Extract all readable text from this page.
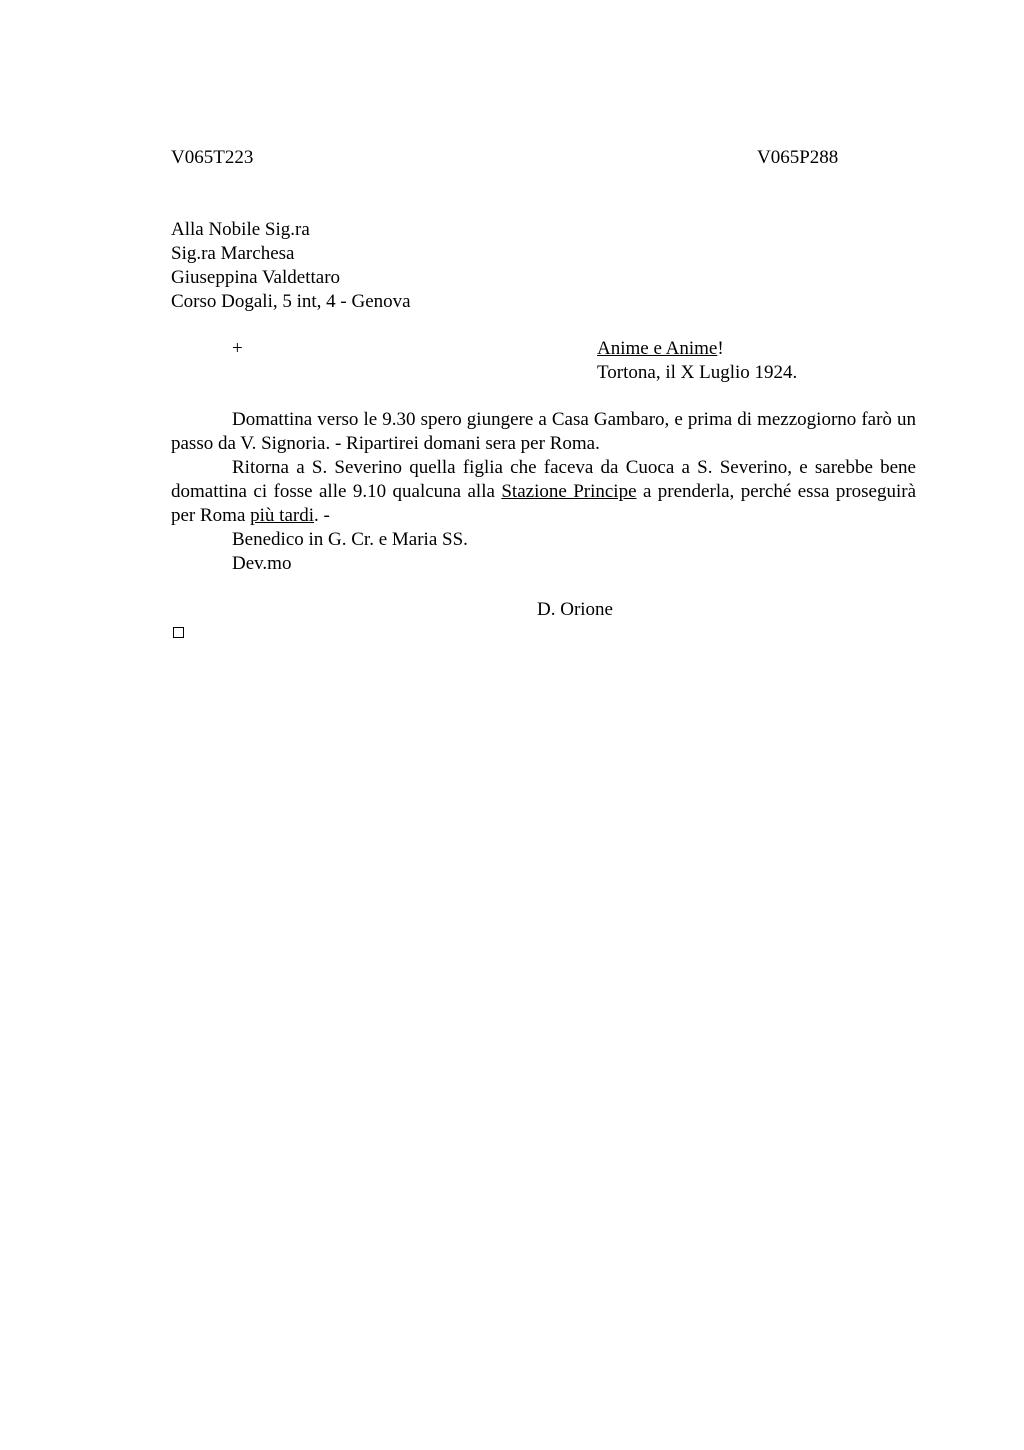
V065T223	V065P288
Alla Nobile Sig.ra
Sig.ra Marchesa
Giuseppina Valdettaro
Corso Dogali, 5 int, 4 - Genova
+	Anime e Anime!
Tortona, il X Luglio 1924.

Domattina verso le 9.30 spero giungere a Casa Gambaro, e prima di mezzogiorno farò un passo da V. Signoria. - Ripartirei domani sera per Roma.

Ritorna a S. Severino quella figlia che faceva da Cuoca a S. Severino, e sarebbe bene domattina ci fosse alle 9.10 qualcuna alla Stazione Principe a prenderla, perché essa proseguirà per Roma più tardi. -

Benedico in G. Cr. e Maria SS.

Dev.mo

D. Orione
